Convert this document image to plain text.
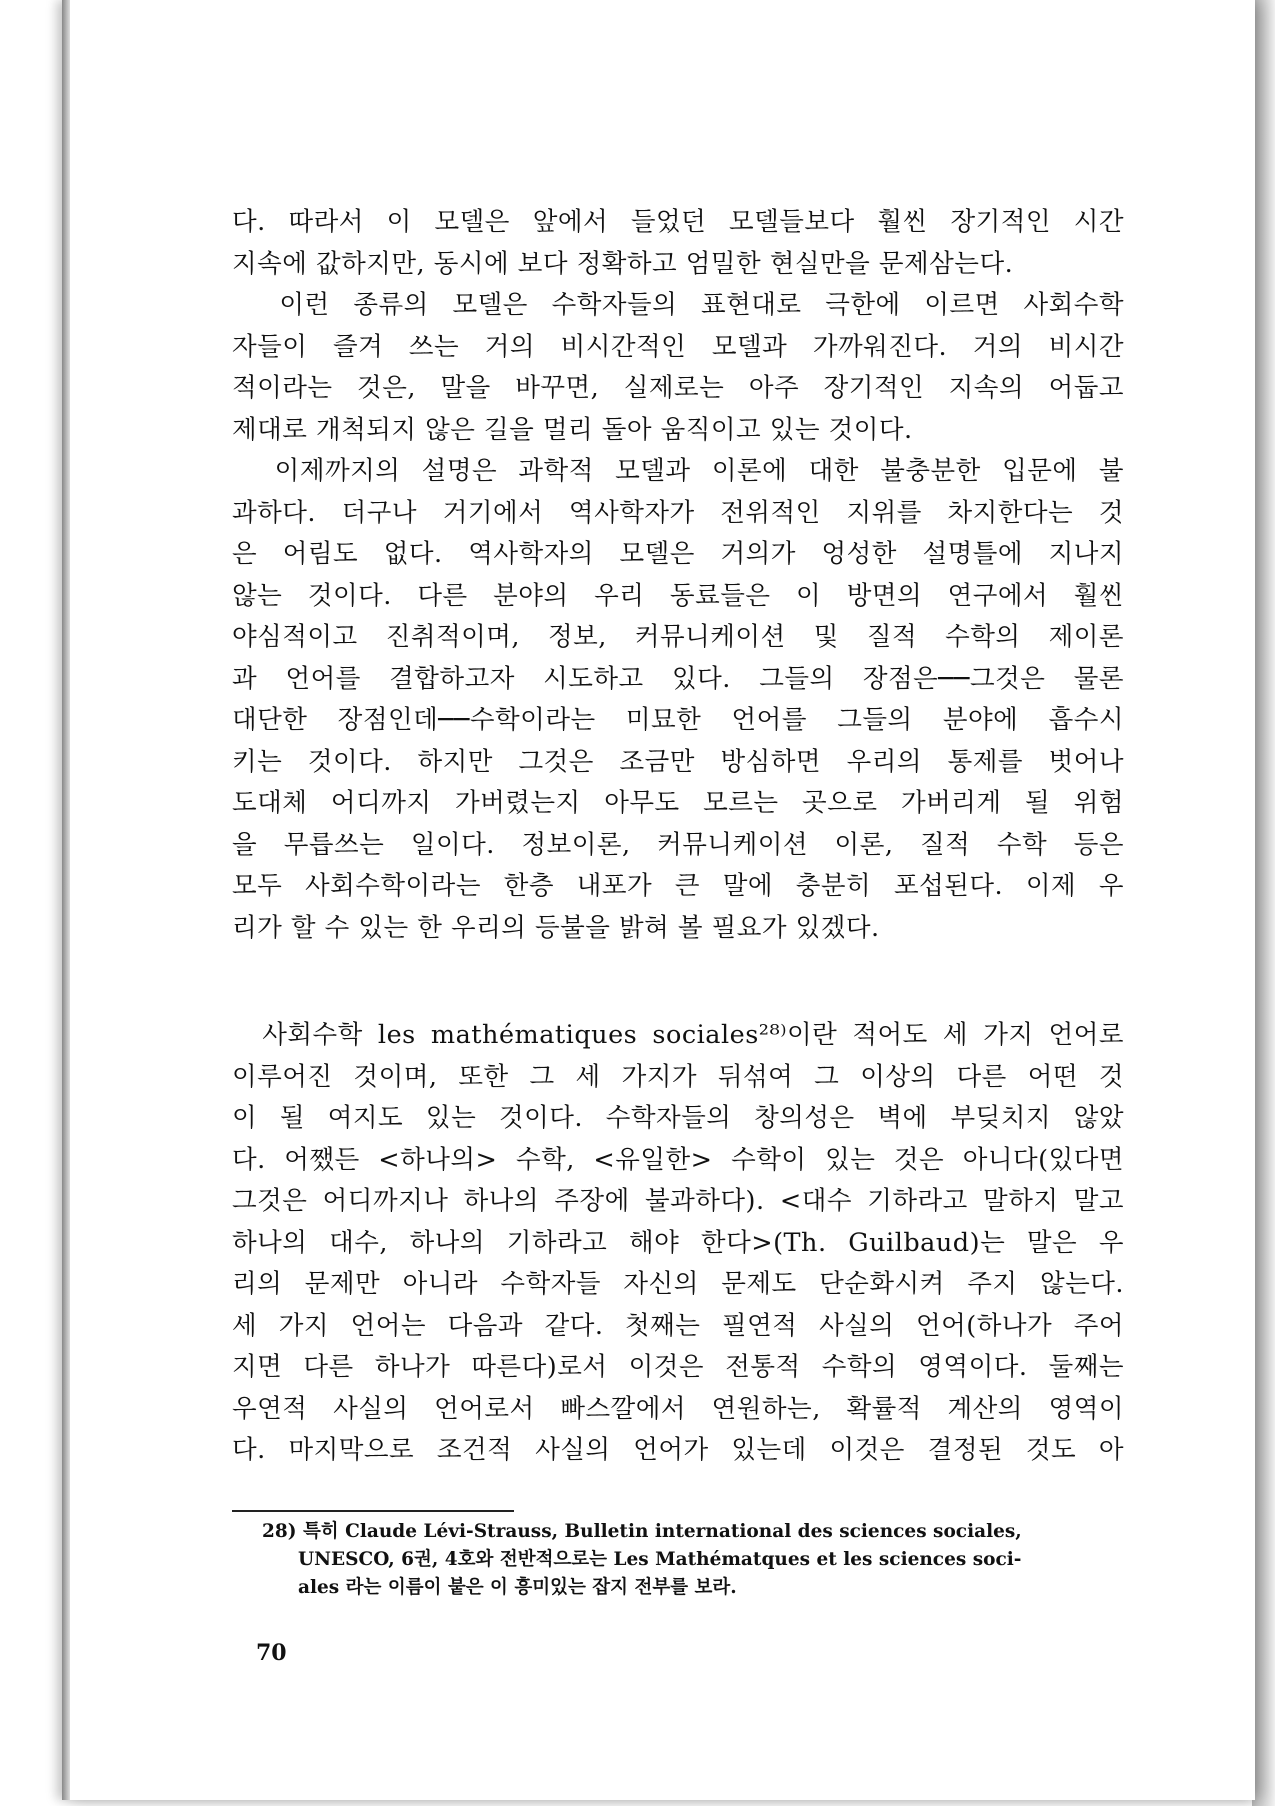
다. 따라서 이 모델은 앞에서 들었던 모델들보다 훨씬 장기적인 시간

지속에 값하지만, 동시에 보다 정확하고 엄밀한 현실만을 문제삼는다.

이런 종류의 모델은 수학자들의 표현대로 극한에 이르면 사회수학

자들이 즐겨 쓰는 거의 비시간적인 모델과 가까워진다. 거의 비시간

적이라는 것은, 말을 바꾸면, 실제로는 아주 장기적인 지속의 어둡고

제대로 개척되지 않은 길을 멀리 돌아 움직이고 있는 것이다.

이제까지의 설명은 과학적 모델과 이론에 대한 불충분한 입문에 불

과하다. 더구나 거기에서 역사학자가 전위적인 지위를 차지한다는 것

은 어림도 없다. 역사학자의 모델은 거의가 엉성한 설명틀에 지나지

않는 것이다. 다른 분야의 우리 동료들은 이 방면의 연구에서 훨씬

야심적이고 진취적이며, 정보, 커뮤니케이션 및 질적 수학의 제이론

과 언어를 결합하고자 시도하고 있다. 그들의 장점은──그것은 물론

대단한 장점인데──수학이라는 미묘한 언어를 그들의 분야에 흡수시

키는 것이다. 하지만 그것은 조금만 방심하면 우리의 통제를 벗어나

도대체 어디까지 가버렸는지 아무도 모르는 곳으로 가버리게 될 위험

을 무릅쓰는 일이다. 정보이론, 커뮤니케이션 이론, 질적 수학 등은

모두 사회수학이라는 한층 내포가 큰 말에 충분히 포섭된다. 이제 우

리가 할 수 있는 한 우리의 등불을 밝혀 볼 필요가 있겠다.

사회수학 les mathématiques sociales²⁸⁾이란 적어도 세 가지 언어로

이루어진 것이며, 또한 그 세 가지가 뒤섞여 그 이상의 다른 어떤 것

이 될 여지도 있는 것이다. 수학자들의 창의성은 벽에 부딪치지 않았

다. 어쨌든 <하나의> 수학, <유일한> 수학이 있는 것은 아니다(있다면

그것은 어디까지나 하나의 주장에 불과하다). <대수 기하라고 말하지 말고

하나의 대수, 하나의 기하라고 해야 한다>(Th. Guilbaud)는 말은 우

리의 문제만 아니라 수학자들 자신의 문제도 단순화시켜 주지 않는다.

세 가지 언어는 다음과 같다. 첫째는 필연적 사실의 언어(하나가 주어

지면 다른 하나가 따른다)로서 이것은 전통적 수학의 영역이다. 둘째는

우연적 사실의 언어로서 빠스깔에서 연원하는, 확률적 계산의 영역이

다. 마지막으로 조건적 사실의 언어가 있는데 이것은 결정된 것도 아

28) 특히 Claude Lévi-Strauss, Bulletin international des sciences sociales,

UNESCO, 6권, 4호와 전반적으로는 Les Mathématques et les sciences soci-

ales 라는 이름이 붙은 이 흥미있는 잡지 전부를 보라.

70
